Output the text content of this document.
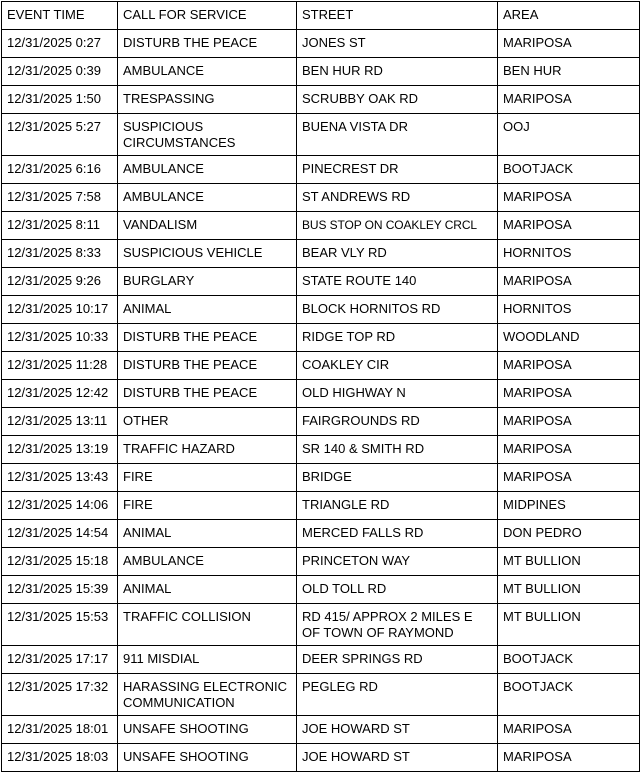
EVENT TIME	CALL FOR SERVICE	STREET	AREA
12/31/2025 0:27	DISTURB THE PEACE	JONES ST	MARIPOSA
12/31/2025 0:39	AMBULANCE	BEN HUR RD	BEN HUR
12/31/2025 1:50	TRESPASSING	SCRUBBY OAK RD	MARIPOSA
12/31/2025 5:27	SUSPICIOUS CIRCUMSTANCES	BUENA VISTA DR	OOJ
12/31/2025 6:16	AMBULANCE	PINECREST DR	BOOTJACK
12/31/2025 7:58	AMBULANCE	ST ANDREWS RD	MARIPOSA
12/31/2025 8:11	VANDALISM	BUS STOP ON COAKLEY CRCL	MARIPOSA
12/31/2025 8:33	SUSPICIOUS VEHICLE	BEAR VLY RD	HORNITOS
12/31/2025 9:26	BURGLARY	STATE ROUTE 140	MARIPOSA
12/31/2025 10:17	ANIMAL	BLOCK HORNITOS RD	HORNITOS
12/31/2025 10:33	DISTURB THE PEACE	RIDGE TOP RD	WOODLAND
12/31/2025 11:28	DISTURB THE PEACE	COAKLEY CIR	MARIPOSA
12/31/2025 12:42	DISTURB THE PEACE	OLD HIGHWAY N	MARIPOSA
12/31/2025 13:11	OTHER	FAIRGROUNDS RD	MARIPOSA
12/31/2025 13:19	TRAFFIC HAZARD	SR 140 & SMITH RD	MARIPOSA
12/31/2025 13:43	FIRE	BRIDGE	MARIPOSA
12/31/2025 14:06	FIRE	TRIANGLE RD	MIDPINES
12/31/2025 14:54	ANIMAL	MERCED FALLS RD	DON PEDRO
12/31/2025 15:18	AMBULANCE	PRINCETON WAY	MT BULLION
12/31/2025 15:39	ANIMAL	OLD TOLL RD	MT BULLION
12/31/2025 15:53	TRAFFIC COLLISION	RD 415/ APPROX 2 MILES E OF TOWN OF RAYMOND	MT BULLION
12/31/2025 17:17	911 MISDIAL	DEER SPRINGS RD	BOOTJACK
12/31/2025 17:32	HARASSING ELECTRONIC COMMUNICATION	PEGLEG RD	BOOTJACK
12/31/2025 18:01	UNSAFE SHOOTING	JOE HOWARD ST	MARIPOSA
12/31/2025 18:03	UNSAFE SHOOTING	JOE HOWARD ST	MARIPOSA
